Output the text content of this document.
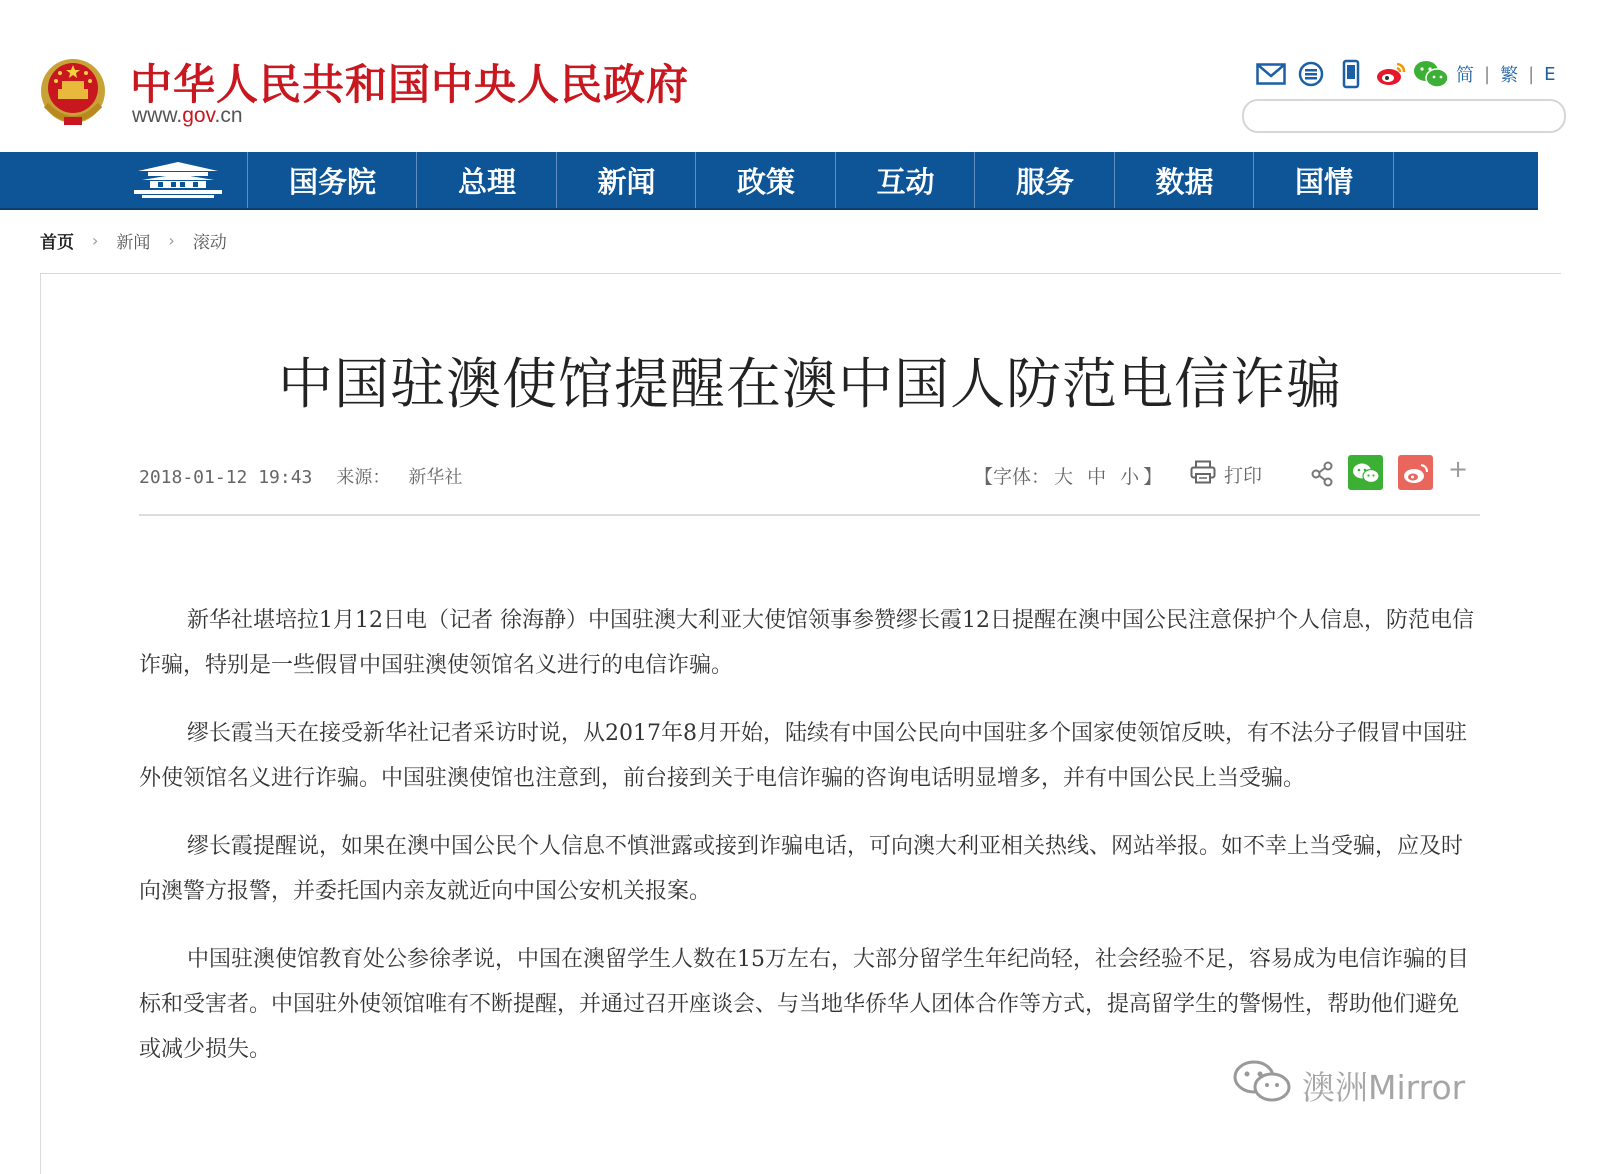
中华人民共和国中央人民政府
www.gov.cn
简 | 繁 | E
国务院	总理	新闻	政策	互动	服务	数据	国情
首页 › 新闻 › 滚动
中国驻澳使馆提醒在澳中国人防范电信诈骗
2018-01-12 19:43 来源： 新华社	【字体： 大 中 小 】	打印	+

新华社堪培拉1月12日电（记者 徐海静）中国驻澳大利亚大使馆领事参赞缪长霞12日提醒在澳中国公民注意保护个人信息，防范电信诈骗，特别是一些假冒中国驻澳使领馆名义进行的电信诈骗。

缪长霞当天在接受新华社记者采访时说，从2017年8月开始，陆续有中国公民向中国驻多个国家使领馆反映，有不法分子假冒中国驻外使领馆名义进行诈骗。中国驻澳使馆也注意到，前台接到关于电信诈骗的咨询电话明显增多，并有中国公民上当受骗。

缪长霞提醒说，如果在澳中国公民个人信息不慎泄露或接到诈骗电话，可向澳大利亚相关热线、网站举报。如不幸上当受骗，应及时向澳警方报警，并委托国内亲友就近向中国公安机关报案。

中国驻澳使馆教育处公参徐孝说，中国在澳留学生人数在15万左右，大部分留学生年纪尚轻，社会经验不足，容易成为电信诈骗的目标和受害者。中国驻外使领馆唯有不断提醒，并通过召开座谈会、与当地华侨华人团体合作等方式，提高留学生的警惕性，帮助他们避免或减少损失。

澳洲Mirror
